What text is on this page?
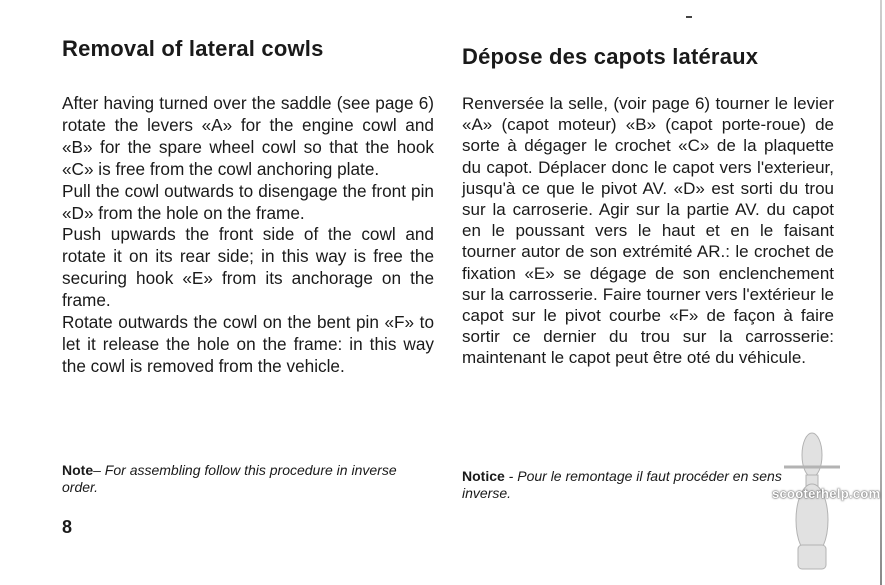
Removal of lateral cowls

After having turned over the saddle (see page 6) rotate the levers «A» for the engine cowl and «B» for the spare wheel cowl so that the hook «C» is free from the cowl anchoring plate.

Pull the cowl outwards to disengage the front pin «D» from the hole on the frame.

Push upwards the front side of the cowl and rotate it on its rear side; in this way is free the securing hook «E» from its anchorage on the frame.

Rotate outwards the cowl on the bent pin «F» to let it release the hole on the frame: in this way the cowl is removed from the vehicle.

Note– For assembling follow this procedure in inverse order.
Dépose des capots latéraux

Renversée la selle, (voir page 6) tourner le levier «A» (capot moteur) «B» (capot porte-roue) de sorte à dégager le crochet «C» de la plaquette du capot. Déplacer donc le capot vers l'exterieur, jusqu'à ce que le pivot AV. «D» est sorti du trou sur la carroserie. Agir sur la partie AV. du capot en le poussant vers le haut et en le faisant tourner autor de son extrémité AR.: le crochet de fixation «E» se dégage de son enclenchement sur la carrosserie. Faire tourner vers l'extérieur le capot sur le pivot courbe «F» de façon à faire sortir ce dernier du trou sur la carrosserie: maintenant le capot peut être oté du véhicule.

Notice - Pour le remontage il faut procéder en sens inverse.
8
scooterhelp.com
